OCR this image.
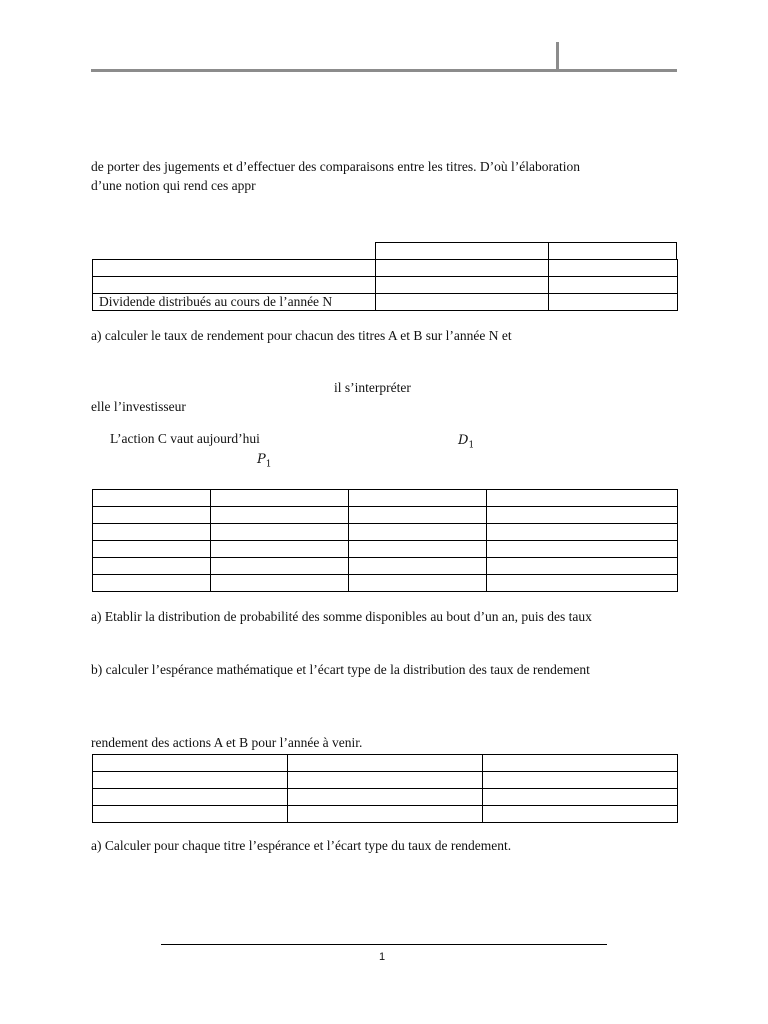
de porter des jugements et d’effectuer des comparaisons entre les titres. D’où l’élaboration
d’une notion qui rend ces appr

Dividende distribués au cours de l’année N		
a) calculer le taux de rendement pour chacun des titres A et B sur l’année N et
il s’interpréter
elle l’investisseur
L’action C vaut aujourd’hui	$D_1$
$P_1$

a) Etablir la distribution de probabilité des somme disponibles au bout d’un an, puis des taux
b) calculer l’espérance mathématique et l’écart type de la distribution des taux de rendement
rendement des actions A et B pour l’année à venir.

a) Calculer pour chaque titre l’espérance et l’écart type du taux de rendement.
1
